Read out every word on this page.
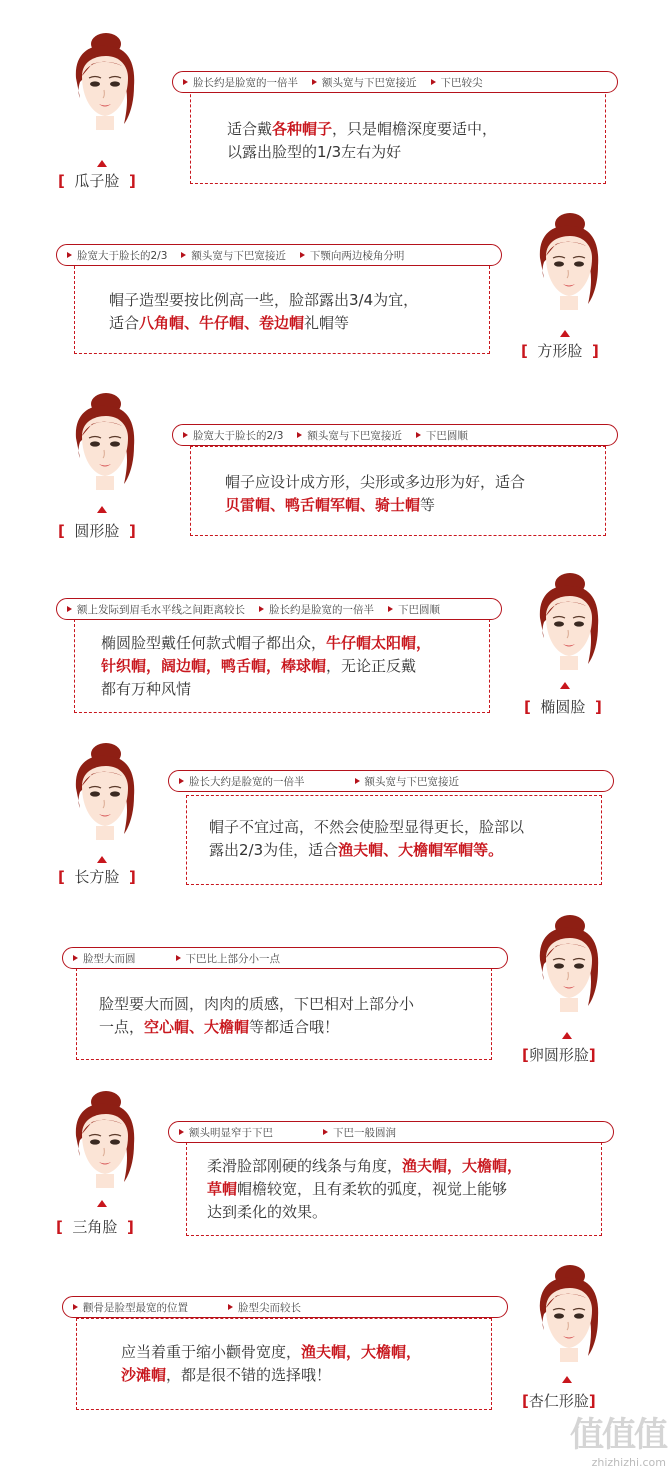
[ 瓜子脸 ]
脸长约是脸宽的一倍半 额头宽与下巴宽接近 下巴较尖
适合戴各种帽子，只是帽檐深度要适中，
以露出脸型的1/3左右为好
[ 方形脸 ]
脸宽大于脸长的2/3 额头宽与下巴宽接近 下颚向两边棱角分明
帽子造型要按比例高一些，脸部露出3/4为宜，
适合八角帽、牛仔帽、卷边帽礼帽等
[ 圆形脸 ]
脸宽大于脸长的2/3 额头宽与下巴宽接近 下巴圆顺
帽子应设计成方形，尖形或多边形为好，适合
贝雷帽、鸭舌帽军帽、骑士帽等
[ 椭圆脸 ]
额上发际到眉毛水平线之间距离较长 脸长约是脸宽的一倍半 下巴圆顺
椭圆脸型戴任何款式帽子都出众，牛仔帽太阳帽，
针织帽，阔边帽，鸭舌帽，棒球帽，无论正反戴
都有万种风情
[ 长方脸 ]
脸长大约是脸宽的一倍半	额头宽与下巴宽接近
帽子不宜过高，不然会使脸型显得更长，脸部以
露出2/3为佳，适合渔夫帽、大檐帽军帽等。
[卵圆形脸]
脸型大而圆	下巴比上部分小一点
脸型要大而圆，肉肉的质感，下巴相对上部分小
一点，空心帽、大檐帽等都适合哦！
[ 三角脸 ]
额头明显窄于下巴	下巴一般圆润
柔滑脸部刚硬的线条与角度，渔夫帽，大檐帽，
草帽帽檐较宽，且有柔软的弧度，视觉上能够
达到柔化的效果。
[杏仁形脸]
颧骨是脸型最宽的位置	脸型尖而较长
应当着重于缩小颧骨宽度，渔夫帽，大檐帽，
沙滩帽，都是很不错的选择哦！
值值值
zhizhizhi.com
